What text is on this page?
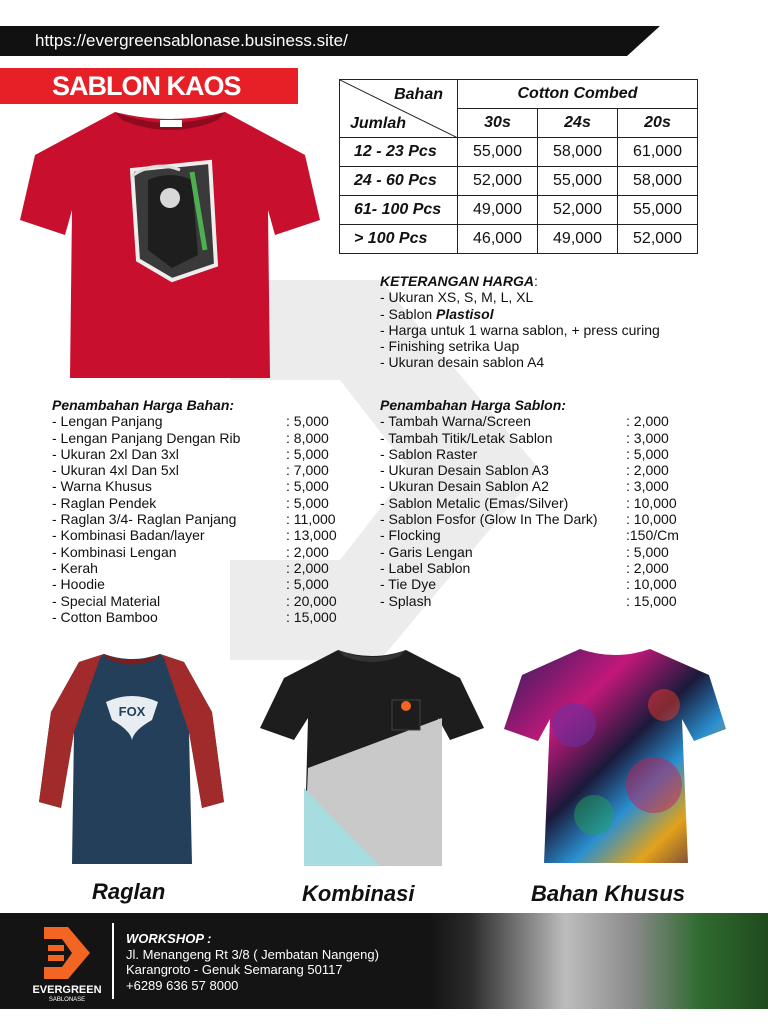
https://evergreensablonase.business.site/
SABLON KAOS	Bahan
Jumlah	Cotton Combed		
	30s	24s	20s
12 - 23 Pcs	55,000	58,000	61,000
24 - 60 Pcs	52,000	55,000	58,000
61- 100 Pcs	49,000	52,000	55,000
> 100 Pcs	46,000	49,000	52,000
KETERANGAN HARGA:
- Ukuran XS, S, M, L, XL
- Sablon Plastisol
- Harga untuk 1 warna sablon, + press curing
- Finishing setrika Uap
- Ukuran desain sablon A4
Penambahan Harga Bahan:
- Lengan Panjang	: 5,000
- Lengan Panjang Dengan Rib	: 8,000
- Ukuran 2xl Dan 3xl	: 5,000
- Ukuran 4xl Dan 5xl	: 7,000
- Warna Khusus	: 5,000
- Raglan Pendek	: 5,000
- Raglan 3/4- Raglan Panjang	: 11,000
- Kombinasi Badan/layer	: 13,000
- Kombinasi Lengan	: 2,000
- Kerah	: 2,000
- Hoodie	: 5,000
- Special Material	: 20,000
- Cotton Bamboo	: 15,000
Penambahan Harga Sablon:
- Tambah Warna/Screen	: 2,000
- Tambah Titik/Letak Sablon	: 3,000
- Sablon Raster	: 5,000
- Ukuran Desain Sablon A3	: 2,000
- Ukuran Desain Sablon A2	: 3,000
- Sablon Metalic (Emas/Silver)	: 10,000
- Sablon Fosfor (Glow In The Dark) : 10,000
- Flocking	:150/Cm
- Garis Lengan	: 5,000
- Label Sablon	: 2,000
- Tie Dye	: 10,000
- Splash	: 15,000
FOX
Raglan	Kombinasi	Bahan Khusus
EVERGREEN
SABLONASE
WORKSHOP :
Jl. Menangeng Rt 3/8 ( Jembatan Nangeng)
Karangroto - Genuk Semarang 50117
+6289 636 57 8000
